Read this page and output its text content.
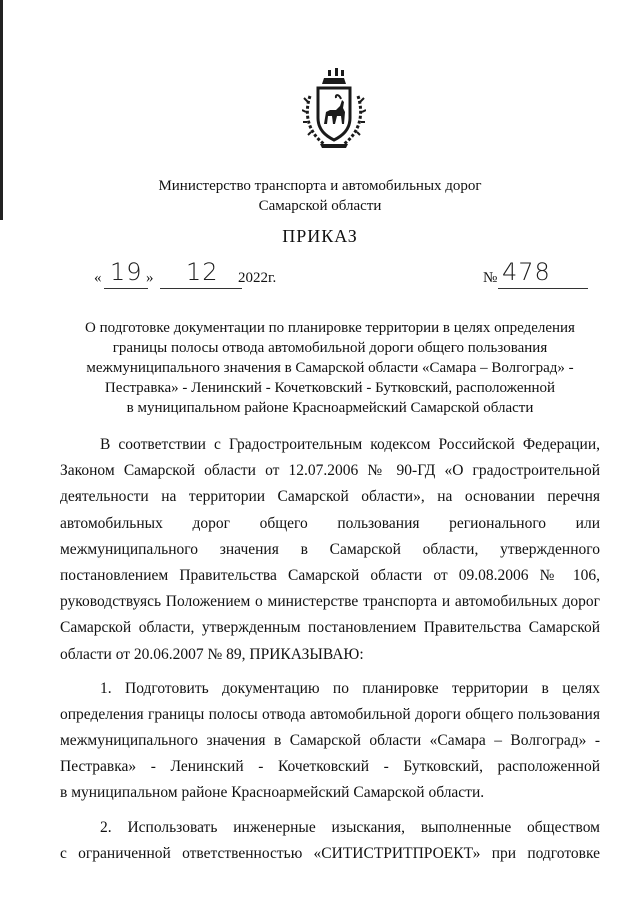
Министерство транспорта и автомобильных дорог
Самарской области
ПРИКАЗ
« 19 » 12 2022г.	№ 478
О подготовке документации по планировке территории в целях определения
границы полосы отвода автомобильной дороги общего пользования
межмуниципального значения в Самарской области «Самара – Волгоград» -
Пестравка» - Ленинский - Кочетковский - Бутковский, расположенной
в муниципальном районе Красноармейский Самарской области
В соответствии с Градостроительным кодексом Российской Федерации,
Законом Самарской области от 12.07.2006 № 90-ГД «О градостроительной
деятельности на территории Самарской области», на основании перечня
автомобильных дорог общего пользования регионального или
межмуниципального значения в Самарской области, утвержденного
постановлением Правительства Самарской области от 09.08.2006 № 106,
руководствуясь Положением о министерстве транспорта и автомобильных дорог
Самарской области, утвержденным постановлением Правительства Самарской
области от 20.06.2007 № 89, ПРИКАЗЫВАЮ:
1. Подготовить документацию по планировке территории в целях
определения границы полосы отвода автомобильной дороги общего пользования
межмуниципального значения в Самарской области «Самара – Волгоград» -
Пестравка» - Ленинский - Кочетковский - Бутковский, расположенной
в муниципальном районе Красноармейский Самарской области.
2. Использовать инженерные изыскания, выполненные обществом
с ограниченной ответственностью «СИТИСТРИТПРОЕКТ» при подготовке
